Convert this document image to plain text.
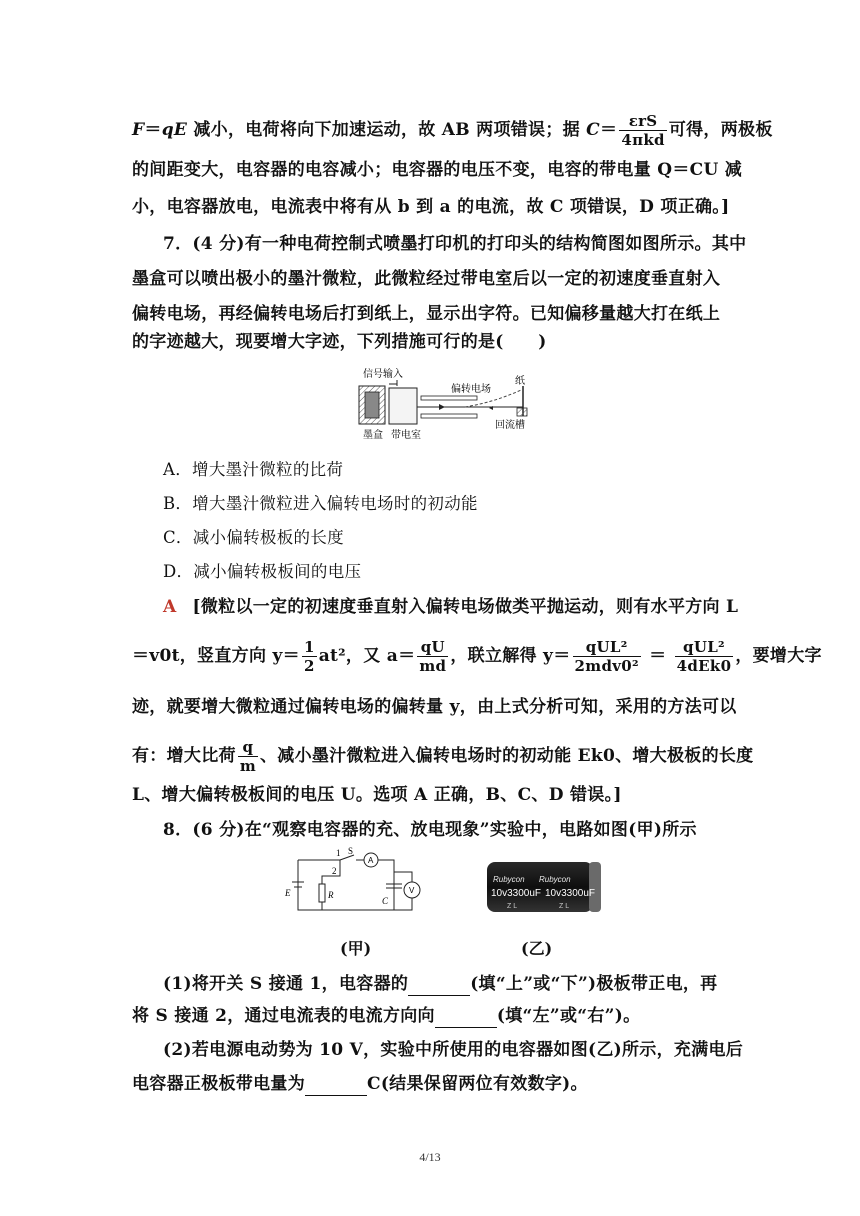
F＝qE 减小，电荷将向下加速运动，故 AB 两项错误；据 $C= \frac{\text{εrS}}{\text{4πkd}}$ 可得，两极板
的间距变大，电容器的电容减小；电容器的电压不变，电容的带电量 Q＝CU 减
小，电容器放电，电流表中将有从 b 到 a 的电流，故 C 项错误，D 项正确。]
7．(4 分)有一种电荷控制式喷墨打印机的打印头的结构简图如图所示。其中
墨盒可以喷出极小的墨汁微粒，此微粒经过带电室后以一定的初速度垂直射入
偏转电场，再经偏转电场后打到纸上，显示出字符。已知偏移量越大打在纸上
的字迹越大，现要增大字迹，下列措施可行的是(　　)
信号输入
偏转电场
纸
墨盒 带电室
回流槽
A．增大墨汁微粒的比荷
B．增大墨汁微粒进入偏转电场时的初动能
C．减小偏转极板的长度
D．减小偏转极板间的电压
A [微粒以一定的初速度垂直射入偏转电场做类平抛运动，则有水平方向 L
＝v0t，竖直方向 $y= \frac{1}{2} at^2$，又 $a= \frac{qU}{md}$ ，联立解得 $y= \frac{\text{qUL²}}{\text{2mdv0²}} = \frac{\text{qUL²}}{\text{4dEk0}}$ ，要增大字
迹，就要增大微粒通过偏转电场的偏转量 y，由上式分析可知，采用的方法可以
有：增大比荷 $\frac{q}{m}$ 、减小墨汁微粒进入偏转电场时的初动能 Ek0、增大极板的长度
L、增大偏转极板间的电压 U。选项 A 正确，B、C、D 错误。]
8．(6 分)在“观察电容器的充、放电现象”实验中，电路如图(甲)所示
1 S
2
A
V
E	R
C
Rubycon Rubycon
10v3300uF 10v3300uF
Z L	Z L
(甲)	(乙)
(1)将开关 S 接通 1，电容器的	(填“上”或“下”)极板带正电，再
将 S 接通 2，通过电流表的电流方向向	(填“左”或“右”)。
(2)若电源电动势为 10 V，实验中所使用的电容器如图(乙)所示，充满电后
电容器正极板带电量为	C(结果保留两位有效数字)。
4/13
